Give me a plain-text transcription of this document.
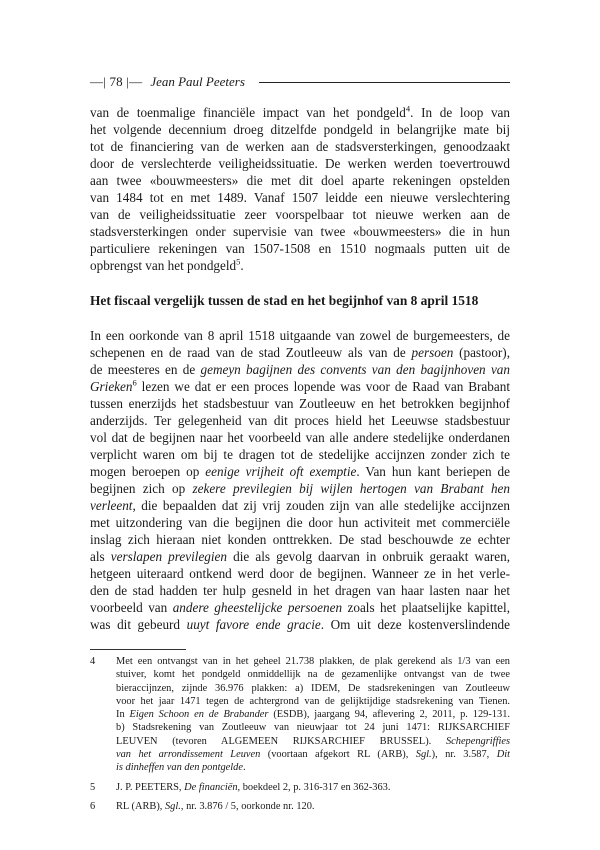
—| 78 |— Jean Paul Peeters
van de toenmalige financiële impact van het pondgeld$^4$. In de loop van
het volgende decennium droeg ditzelfde pondgeld in belangrijke mate bij
tot de financiering van de werken aan de stadsversterkingen, genoodzaakt
door de verslechterde veiligheidssituatie. De werken werden toevertrouwd
aan twee «bouwmeesters» die met dit doel aparte rekeningen opstelden
van 1484 tot en met 1489. Vanaf 1507 leidde een nieuwe verslechtering
van de veiligheidssituatie zeer voorspelbaar tot nieuwe werken aan de
stadsversterkingen onder supervisie van twee «bouwmeesters» die in hun
particuliere rekeningen van 1507-1508 en 1510 nogmaals putten uit de
opbrengst van het pondgeld$^5$.
Het fiscaal vergelijk tussen de stad en het begijnhof van 8 april 1518
In een oorkonde van 8 april 1518 uitgaande van zowel de burgemeesters, de
schepenen en de raad van de stad Zoutleeuw als van de persoen (pastoor),
de meesteres en de gemeyn bagijnen des convents van den bagijnhoven van
Grieken$^6$ lezen we dat er een proces lopende was voor de Raad van Brabant
tussen enerzijds het stadsbestuur van Zoutleeuw en het betrokken begijnhof
anderzijds. Ter gelegenheid van dit proces hield het Leeuwse stadsbestuur
vol dat de begijnen naar het voorbeeld van alle andere stedelijke onderdanen
verplicht waren om bij te dragen tot de stedelijke accijnzen zonder zich te
mogen beroepen op eenige vrijheit oft exemptie. Van hun kant beriepen de
begijnen zich op zekere previlegien bij wijlen hertogen van Brabant hen
verleent, die bepaalden dat zij vrij zouden zijn van alle stedelijke accijnzen
met uitzondering van die begijnen die door hun activiteit met commerciële
inslag zich hieraan niet konden onttrekken. De stad beschouwde ze echter
als verslapen previlegien die als gevolg daarvan in onbruik geraakt waren,
hetgeen uiteraard ontkend werd door de begijnen. Wanneer ze in het verle-
den de stad hadden ter hulp gesneld in het dragen van haar lasten naar het
voorbeeld van andere gheestelijcke persoenen zoals het plaatselijke kapittel,
was dit gebeurd uuyt favore ende gracie. Om uit deze kostenverslindende
4	Met een ontvangst van in het geheel 21.738 plakken, de plak gerekend als 1/3 van een
stuiver, komt het pondgeld onmiddellijk na de gezamenlijke ontvangst van de twee
bieraccijnzen, zijnde 36.976 plakken: a) IDEM, De stadsrekeningen van Zoutleeuw
voor het jaar 1471 tegen de achtergrond van de gelijktijdige stadsrekening van Tienen.
In Eigen Schoon en de Brabander (ESDB), jaargang 94, aflevering 2, 2011, p. 129-131.
b) Stadsrekening van Zoutleeuw van nieuwjaar tot 24 juni 1471: RIJKSARCHIEF
LEUVEN (tevoren ALGEMEEN RIJKSARCHIEF BRUSSEL). Schepengriffies
van het arrondissement Leuven (voortaan afgekort RL (ARB), Sgl.), nr. 3.587, Dit
is dinheffen van den pontgelde.
5	J. P. PEETERS, De financiën, boekdeel 2, p. 316-317 en 362-363.
6	RL (ARB), Sgl., nr. 3.876 / 5, oorkonde nr. 120.
